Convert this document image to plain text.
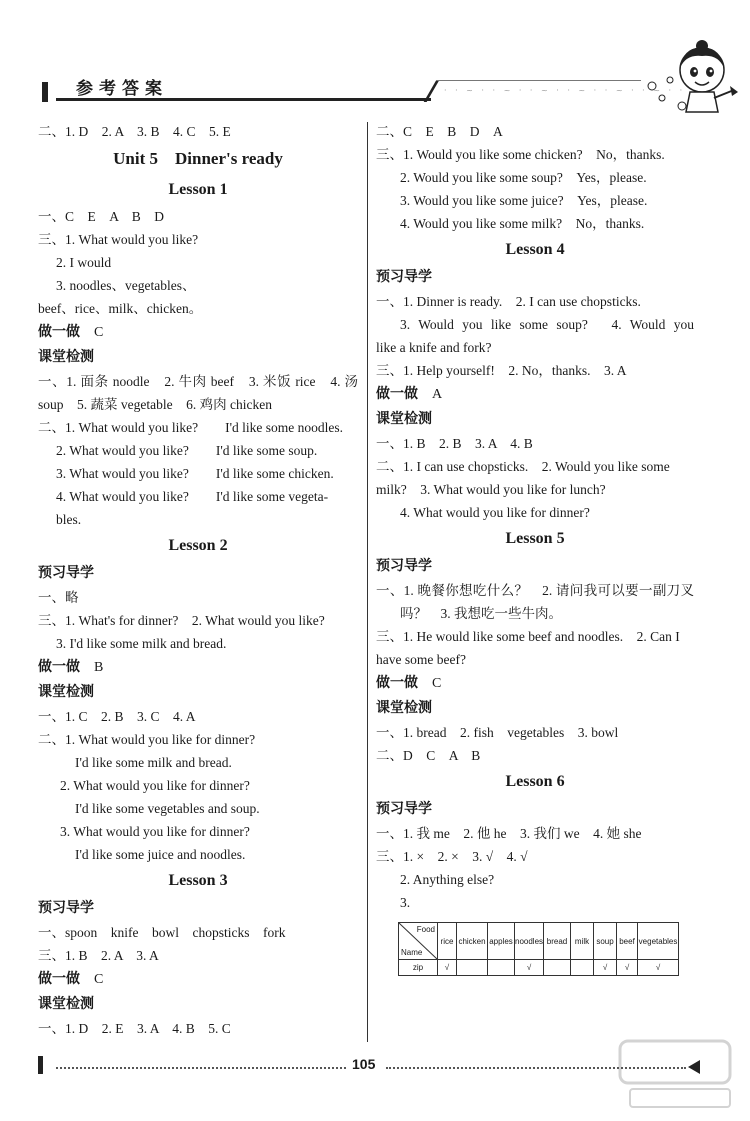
参考答案	· · ~ · · ~ · · ~ · · ~ · · ~ · · ~ · ·
二、1. D　2. A　3. B　4. C　5. E
Unit 5　Dinner's ready
Lesson 1
一、C　E　A　B　D
三、1. What would you like?
2. I would
3. noodles、vegetables、
beef、rice、milk、chicken。
做一做 C
课堂检测
一、1. 面条 noodle　2. 牛肉 beef　3. 米饭 rice　4. 汤
soup　5. 蔬菜 vegetable　6. 鸡肉 chicken
二、1. What would you like?　　I'd like some noodles.
2. What would you like?　　I'd like some soup.
3. What would you like?　　I'd like some chicken.
4. What would you like?　　I'd like some vegeta-
bles.
Lesson 2
预习导学
一、略
三、1. What's for dinner?　2. What would you like?
3. I'd like some milk and bread.
做一做 B
课堂检测
一、1. C　2. B　3. C　4. A
二、1. What would you like for dinner?
I'd like some milk and bread.
2. What would you like for dinner?
I'd like some vegetables and soup.
3. What would you like for dinner?
I'd like some juice and noodles.
Lesson 3
预习导学
一、spoon　knife　bowl　chopsticks　fork
三、1. B　2. A　3. A
做一做 C
课堂检测
一、1. D　2. E　3. A　4. B　5. C
二、C　E　B　D　A
三、1. Would you like some chicken?　No，thanks.
2. Would you like some soup?　Yes，please.
3. Would you like some juice?　Yes，please.
4. Would you like some milk?　No，thanks.
Lesson 4
预习导学
一、1. Dinner is ready.　2. I can use chopsticks.
3. Would you like some soup?　4. Would you
like a knife and fork?
三、1. Help yourself!　2. No，thanks.　3. A
做一做 A
课堂检测
一、1. B　2. B　3. A　4. B
二、1. I can use chopsticks.　2. Would you like some
milk?　3. What would you like for lunch?
4. What would you like for dinner?
Lesson 5
预习导学
一、1. 晚餐你想吃什么？　2. 请问我可以要一副刀叉
吗？　3. 我想吃一些牛肉。
三、1. He would like some beef and noodles.　2. Can I
have some beef?
做一做 C
课堂检测
一、1. bread　2. fish　vegetables　3. bowl
二、D　C　A　B
Lesson 6
预习导学
一、1. 我 me　2. 他 he　3. 我们 we　4. 她 she
三、1. ×　2. ×　3. √　4. √
2. Anything else?
3.
Food
Name	rice	chicken	apples	noodles	bread	milk	soup	beef	vegetables
zip	√			√			√	√	√
105
